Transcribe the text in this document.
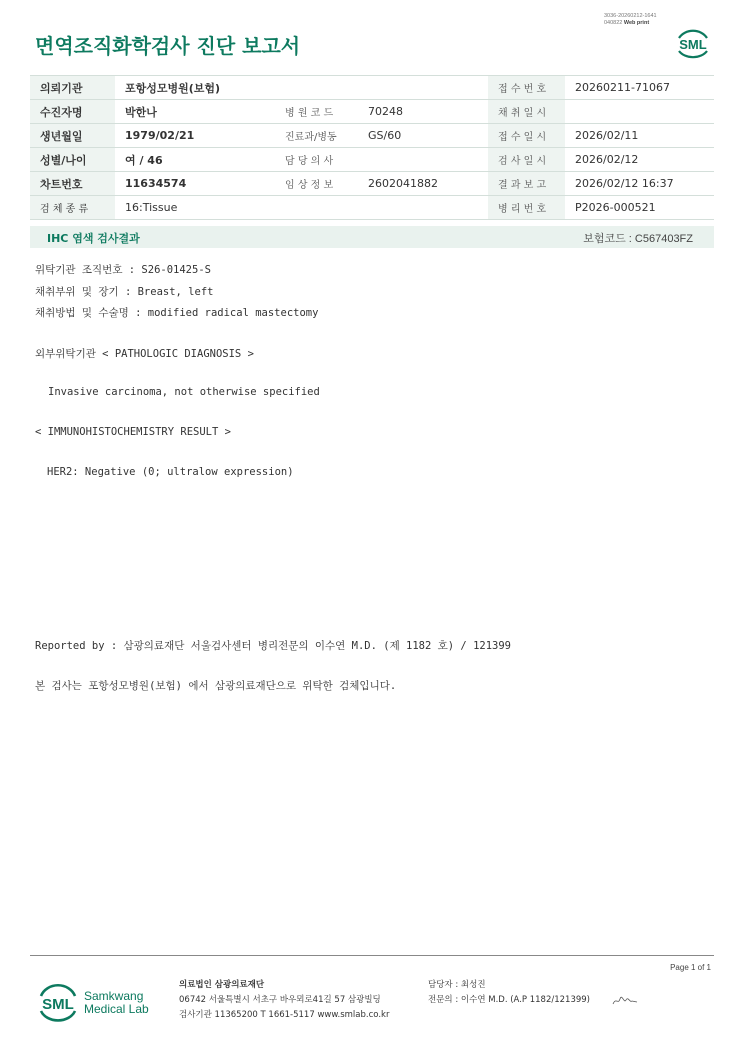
3036-20260212-1641
040822 Web print
면역조직화학검사 진단 보고서	SML
의뢰기관	포항성모병원(보험)			접 수 번 호	20260211-71067
수진자명	박한나	병 원 코 드	70248	채 취 일 시	
생년월일	1979/02/21	진료과/병동	GS/60	접 수 일 시	2026/02/11
성별/나이	여 / 46	담 당 의 사		검 사 일 시	2026/02/12
차트번호	11634574	임 상 정 보	2602041882	결 과 보 고	2026/02/12 16:37
검 체 종 류	16:Tissue			병 리 번 호	P2026-000521
IHC 염색 검사결과	보험코드 : C567403FZ
위탁기관 조직번호 : S26-01425-S
채취부위 및 장기 : Breast, left
채취방법 및 수술명 : modified radical mastectomy
외부위탁기관 < PATHOLOGIC DIAGNOSIS >
Invasive carcinoma, not otherwise specified
< IMMUNOHISTOCHEMISTRY RESULT >
HER2: Negative (0; ultralow expression)
Reported by : 삼광의료재단 서울검사센터 병리전문의 이수연 M.D. (제 1182 호) / 121399
본 검사는 포항성모병원(보험) 에서 삼광의료재단으로 위탁한 검체입니다.
Page 1 of 1
SML Samkwang
Medical Lab
의료법인 삼광의료재단
06742 서울특별시 서초구 바우뫼로41길 57 삼광빌딩
검사기관 11365200 T 1661-5117 www.smlab.co.kr
담당자 : 최성진
전문의 : 이수연 M.D. (A.P 1182/121399)
